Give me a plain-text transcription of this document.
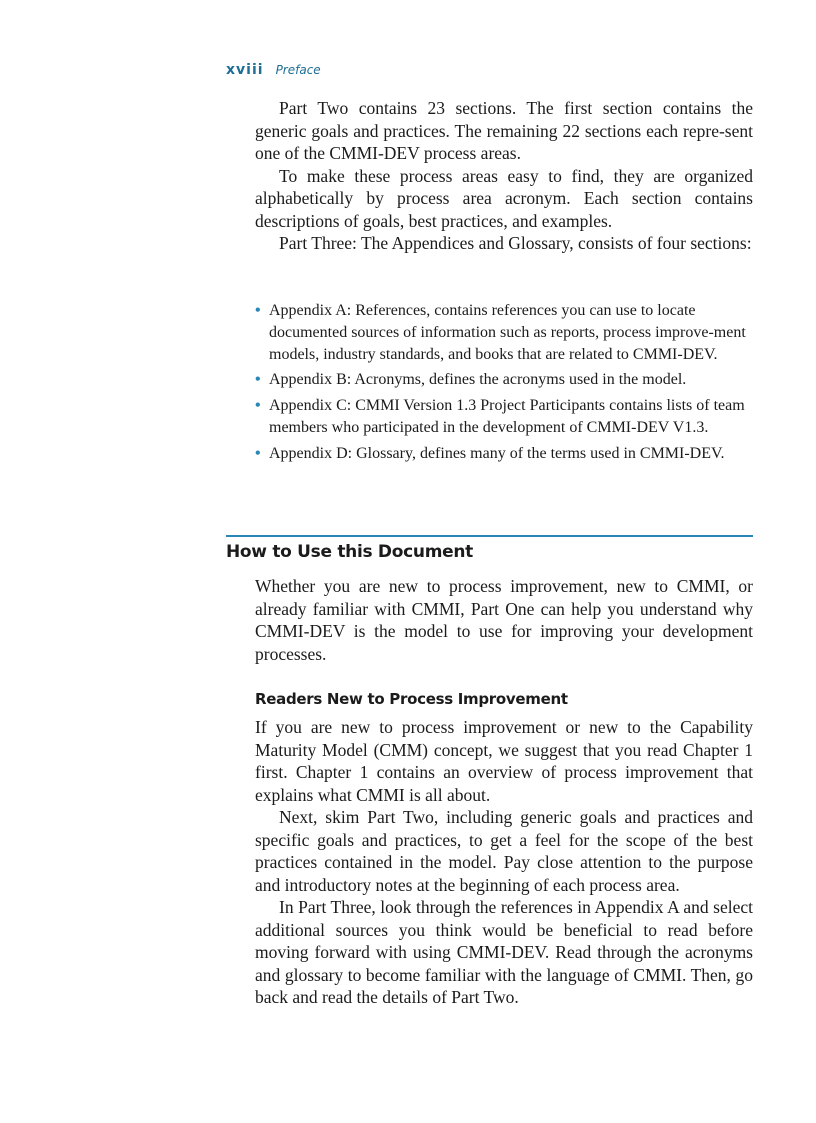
xviii Preface

Part Two contains 23 sections. The first section contains the generic goals and practices. The remaining 22 sections each repre-sent one of the CMMI-DEV process areas.

To make these process areas easy to find, they are organized alphabetically by process area acronym. Each section contains descriptions of goals, best practices, and examples.

Part Three: The Appendices and Glossary, consists of four sections:

• Appendix A: References, contains references you can use to locate documented sources of information such as reports, process improve-ment models, industry standards, and books that are related to CMMI-DEV.
• Appendix B: Acronyms, defines the acronyms used in the model.
• Appendix C: CMMI Version 1.3 Project Participants contains lists of team members who participated in the development of CMMI-DEV V1.3.
• Appendix D: Glossary, defines many of the terms used in CMMI-DEV.
How to Use this Document

Whether you are new to process improvement, new to CMMI, or already familiar with CMMI, Part One can help you understand why CMMI-DEV is the model to use for improving your development processes.

Readers New to Process Improvement

If you are new to process improvement or new to the Capability Maturity Model (CMM) concept, we suggest that you read Chapter 1 first. Chapter 1 contains an overview of process improvement that explains what CMMI is all about.

Next, skim Part Two, including generic goals and practices and specific goals and practices, to get a feel for the scope of the best practices contained in the model. Pay close attention to the purpose and introductory notes at the beginning of each process area.

In Part Three, look through the references in Appendix A and select additional sources you think would be beneficial to read before moving forward with using CMMI-DEV. Read through the acronyms and glossary to become familiar with the language of CMMI. Then, go back and read the details of Part Two.
